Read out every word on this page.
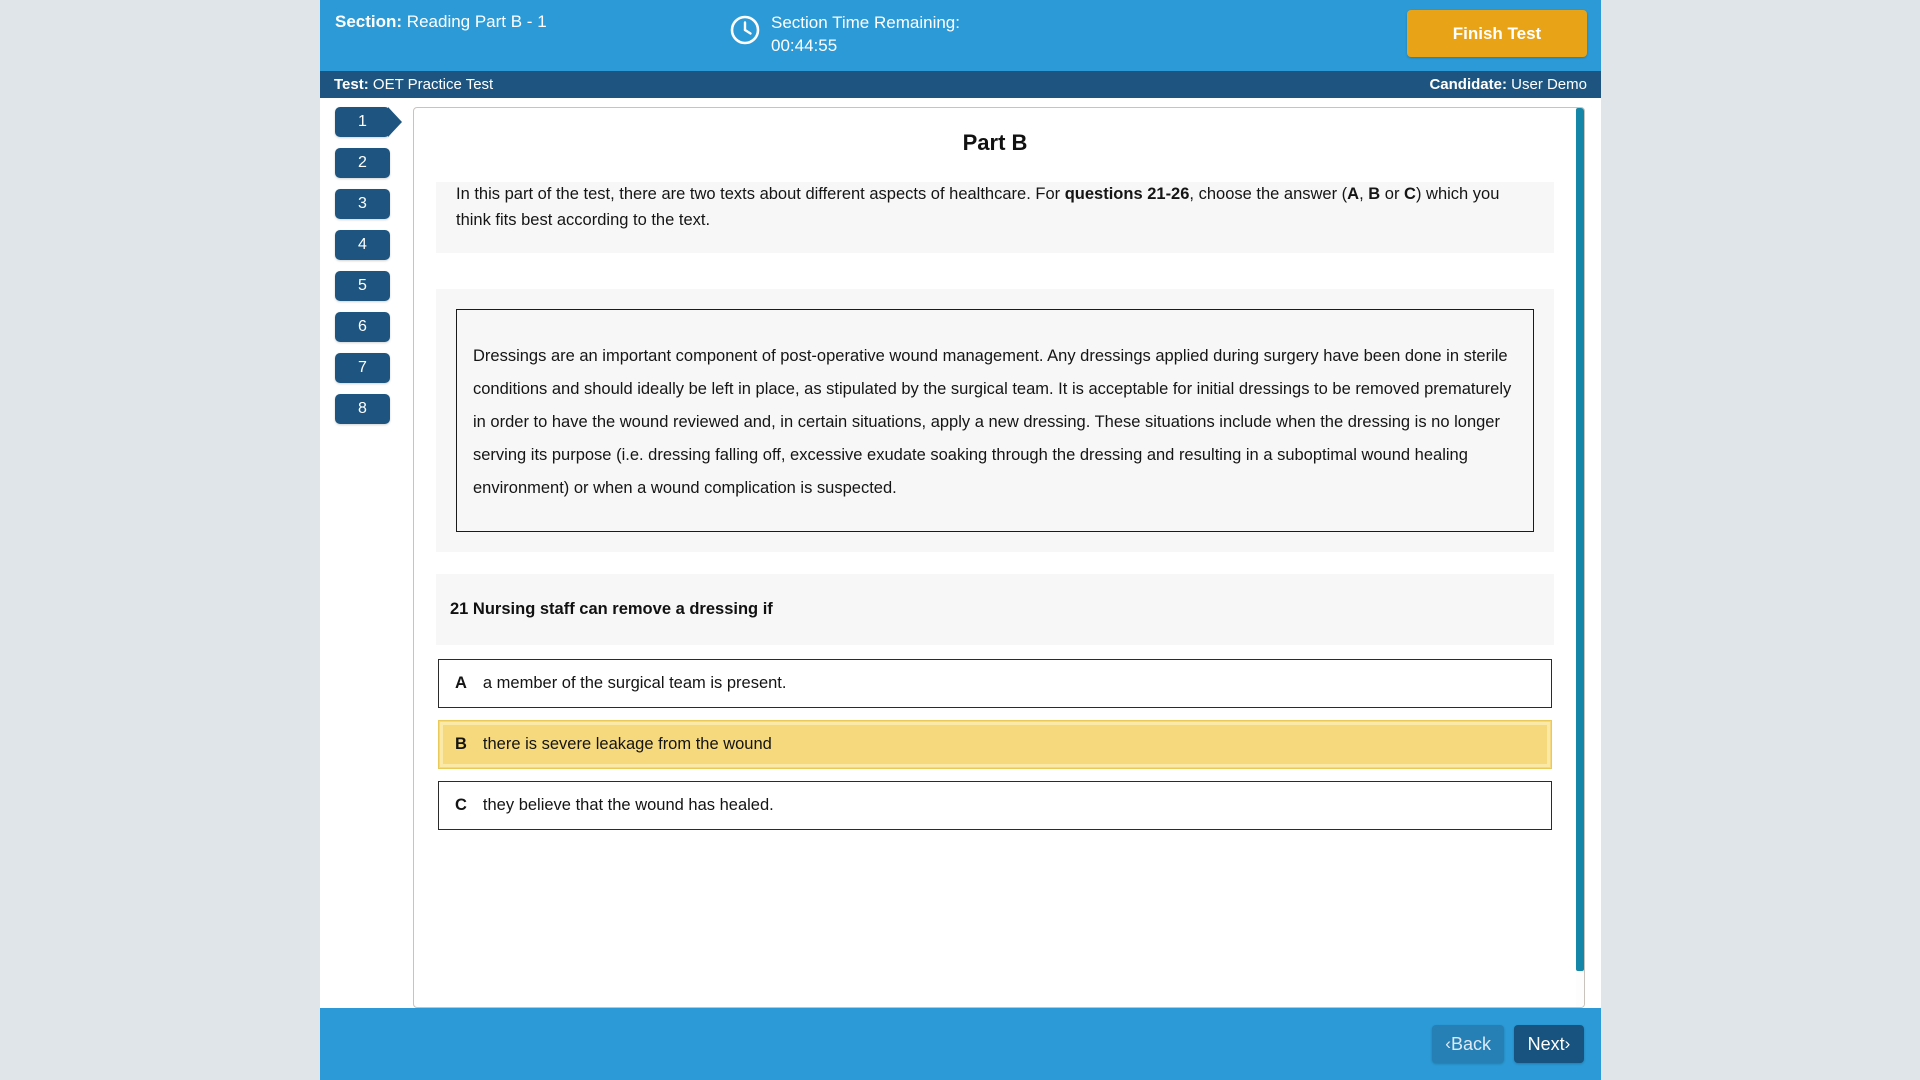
Section: Reading Part B - 1	Section Time Remaining:
00:44:55
Finish Test
Test: OET Practice Test	Candidate: User Demo
1
2
3
4
5
6
7
8
Part B
In this part of the test, there are two texts about different aspects of healthcare. For questions 21-26, choose the answer (A, B or C) which you think fits best according to the text.
Dressings are an important component of post-operative wound management. Any dressings applied during surgery have been done in sterile conditions and should ideally be left in place, as stipulated by the surgical team. It is acceptable for initial dressings to be removed prematurely in order to have the wound reviewed and, in certain situations, apply a new dressing. These situations include when the dressing is no longer serving its purpose (i.e. dressing falling off, excessive exudate soaking through the dressing and resulting in a suboptimal wound healing environment) or when a wound complication is suspected.
21 Nursing staff can remove a dressing if
A a member of the surgical team is present.
B there is severe leakage from the wound
C they believe that the wound has healed.
‹ Back Next ›
